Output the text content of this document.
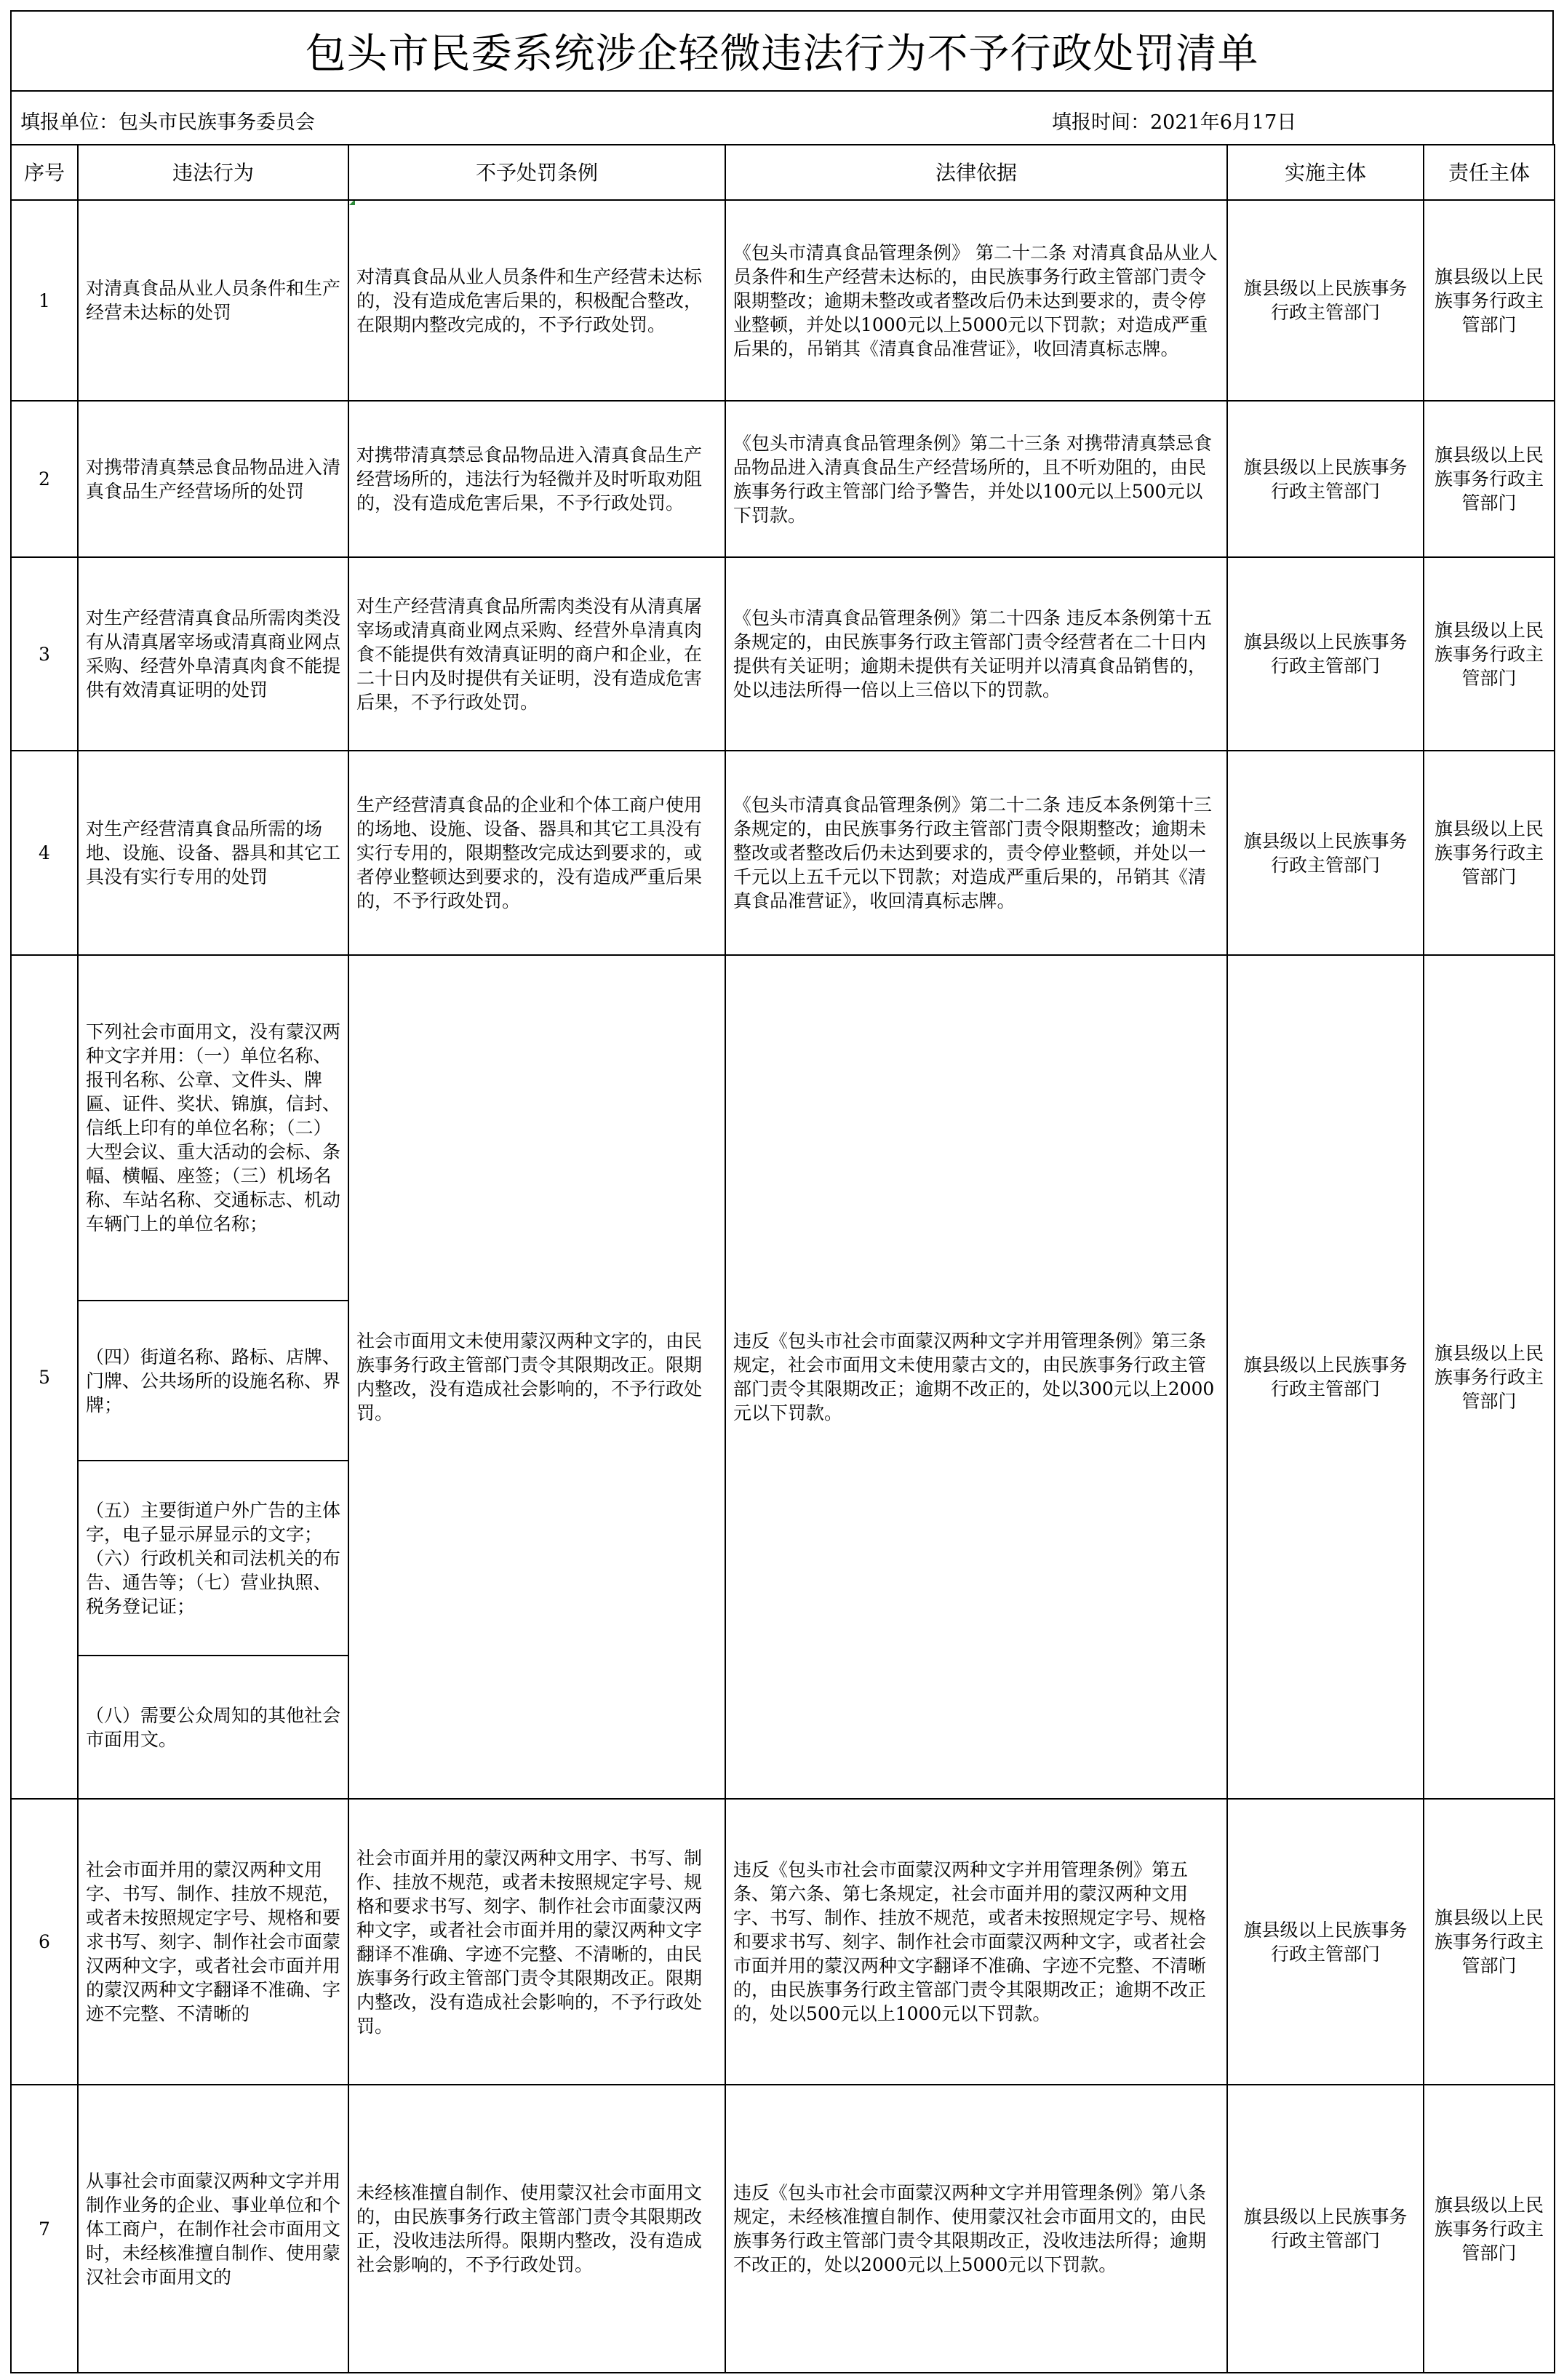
包头市民委系统涉企轻微违法行为不予行政处罚清单
填报单位：包头市民族事务委员会	填报时间：2021年6月17日
序号	违法行为	不予处罚条例	法律依据	实施主体	责任主体
1	对清真食品从业人员条件和生产经营未达标的处罚	对清真食品从业人员条件和生产经营未达标的，没有造成危害后果的，积极配合整改，在限期内整改完成的，不予行政处罚。	《包头市清真食品管理条例》 第二十二条 对清真食品从业人员条件和生产经营未达标的，由民族事务行政主管部门责令限期整改；逾期未整改或者整改后仍未达到要求的，责令停业整顿，并处以1000元以上5000元以下罚款；对造成严重后果的，吊销其《清真食品准营证》，收回清真标志牌。	旗县级以上民族事务行政主管部门	旗县级以上民族事务行政主管部门
2	对携带清真禁忌食品物品进入清真食品生产经营场所的处罚	对携带清真禁忌食品物品进入清真食品生产经营场所的，违法行为轻微并及时听取劝阻的，没有造成危害后果，不予行政处罚。	《包头市清真食品管理条例》第二十三条 对携带清真禁忌食品物品进入清真食品生产经营场所的，且不听劝阻的，由民族事务行政主管部门给予警告，并处以100元以上500元以下罚款。	旗县级以上民族事务行政主管部门	旗县级以上民族事务行政主管部门
3	对生产经营清真食品所需肉类没有从清真屠宰场或清真商业网点采购、经营外阜清真肉食不能提供有效清真证明的处罚	对生产经营清真食品所需肉类没有从清真屠宰场或清真商业网点采购、经营外阜清真肉食不能提供有效清真证明的商户和企业，在二十日内及时提供有关证明，没有造成危害后果，不予行政处罚。	《包头市清真食品管理条例》第二十四条 违反本条例第十五条规定的，由民族事务行政主管部门责令经营者在二十日内提供有关证明；逾期未提供有关证明并以清真食品销售的，处以违法所得一倍以上三倍以下的罚款。	旗县级以上民族事务行政主管部门	旗县级以上民族事务行政主管部门
4	对生产经营清真食品所需的场地、设施、设备、器具和其它工具没有实行专用的处罚	生产经营清真食品的企业和个体工商户使用的场地、设施、设备、器具和其它工具没有实行专用的，限期整改完成达到要求的，或者停业整顿达到要求的，没有造成严重后果的，不予行政处罚。	《包头市清真食品管理条例》第二十二条 违反本条例第十三条规定的，由民族事务行政主管部门责令限期整改；逾期未整改或者整改后仍未达到要求的，责令停业整顿，并处以一千元以上五千元以下罚款；对造成严重后果的，吊销其《清真食品准营证》，收回清真标志牌。	旗县级以上民族事务行政主管部门	旗县级以上民族事务行政主管部门
5	下列社会市面用文，没有蒙汉两种文字并用：（一）单位名称、报刊名称、公章、文件头、牌匾、证件、奖状、锦旗，信封、信纸上印有的单位名称；（二）大型会议、重大活动的会标、条幅、横幅、座签；（三）机场名称、车站名称、交通标志、机动车辆门上的单位名称；	社会市面用文未使用蒙汉两种文字的，由民族事务行政主管部门责令其限期改正。限期内整改，没有造成社会影响的，不予行政处罚。	违反《包头市社会市面蒙汉两种文字并用管理条例》第三条规定，社会市面用文未使用蒙古文的，由民族事务行政主管部门责令其限期改正；逾期不改正的，处以300元以上2000元以下罚款。	旗县级以上民族事务行政主管部门	旗县级以上民族事务行政主管部门
	（四）街道名称、路标、店牌、门牌、公共场所的设施名称、界牌；				
	（五）主要街道户外广告的主体字，电子显示屏显示的文字；（六）行政机关和司法机关的布告、通告等；（七）营业执照、税务登记证；				
	（八）需要公众周知的其他社会市面用文。				
6	社会市面并用的蒙汉两种文用字、书写、制作、挂放不规范，或者未按照规定字号、规格和要求书写、刻字、制作社会市面蒙汉两种文字，或者社会市面并用的蒙汉两种文字翻译不准确、字迹不完整、不清晰的	社会市面并用的蒙汉两种文用字、书写、制作、挂放不规范，或者未按照规定字号、规格和要求书写、刻字、制作社会市面蒙汉两种文字，或者社会市面并用的蒙汉两种文字翻译不准确、字迹不完整、不清晰的，由民族事务行政主管部门责令其限期改正。限期内整改，没有造成社会影响的，不予行政处罚。	违反《包头市社会市面蒙汉两种文字并用管理条例》第五条、第六条、第七条规定，社会市面并用的蒙汉两种文用字、书写、制作、挂放不规范，或者未按照规定字号、规格和要求书写、刻字、制作社会市面蒙汉两种文字，或者社会市面并用的蒙汉两种文字翻译不准确、字迹不完整、不清晰的，由民族事务行政主管部门责令其限期改正；逾期不改正的，处以500元以上1000元以下罚款。	旗县级以上民族事务行政主管部门	旗县级以上民族事务行政主管部门
7	从事社会市面蒙汉两种文字并用制作业务的企业、事业单位和个体工商户，在制作社会市面用文时，未经核准擅自制作、使用蒙汉社会市面用文的	未经核准擅自制作、使用蒙汉社会市面用文的，由民族事务行政主管部门责令其限期改正，没收违法所得。限期内整改，没有造成社会影响的，不予行政处罚。	违反《包头市社会市面蒙汉两种文字并用管理条例》第八条规定，未经核准擅自制作、使用蒙汉社会市面用文的，由民族事务行政主管部门责令其限期改正，没收违法所得；逾期不改正的，处以2000元以上5000元以下罚款。	旗县级以上民族事务行政主管部门	旗县级以上民族事务行政主管部门
